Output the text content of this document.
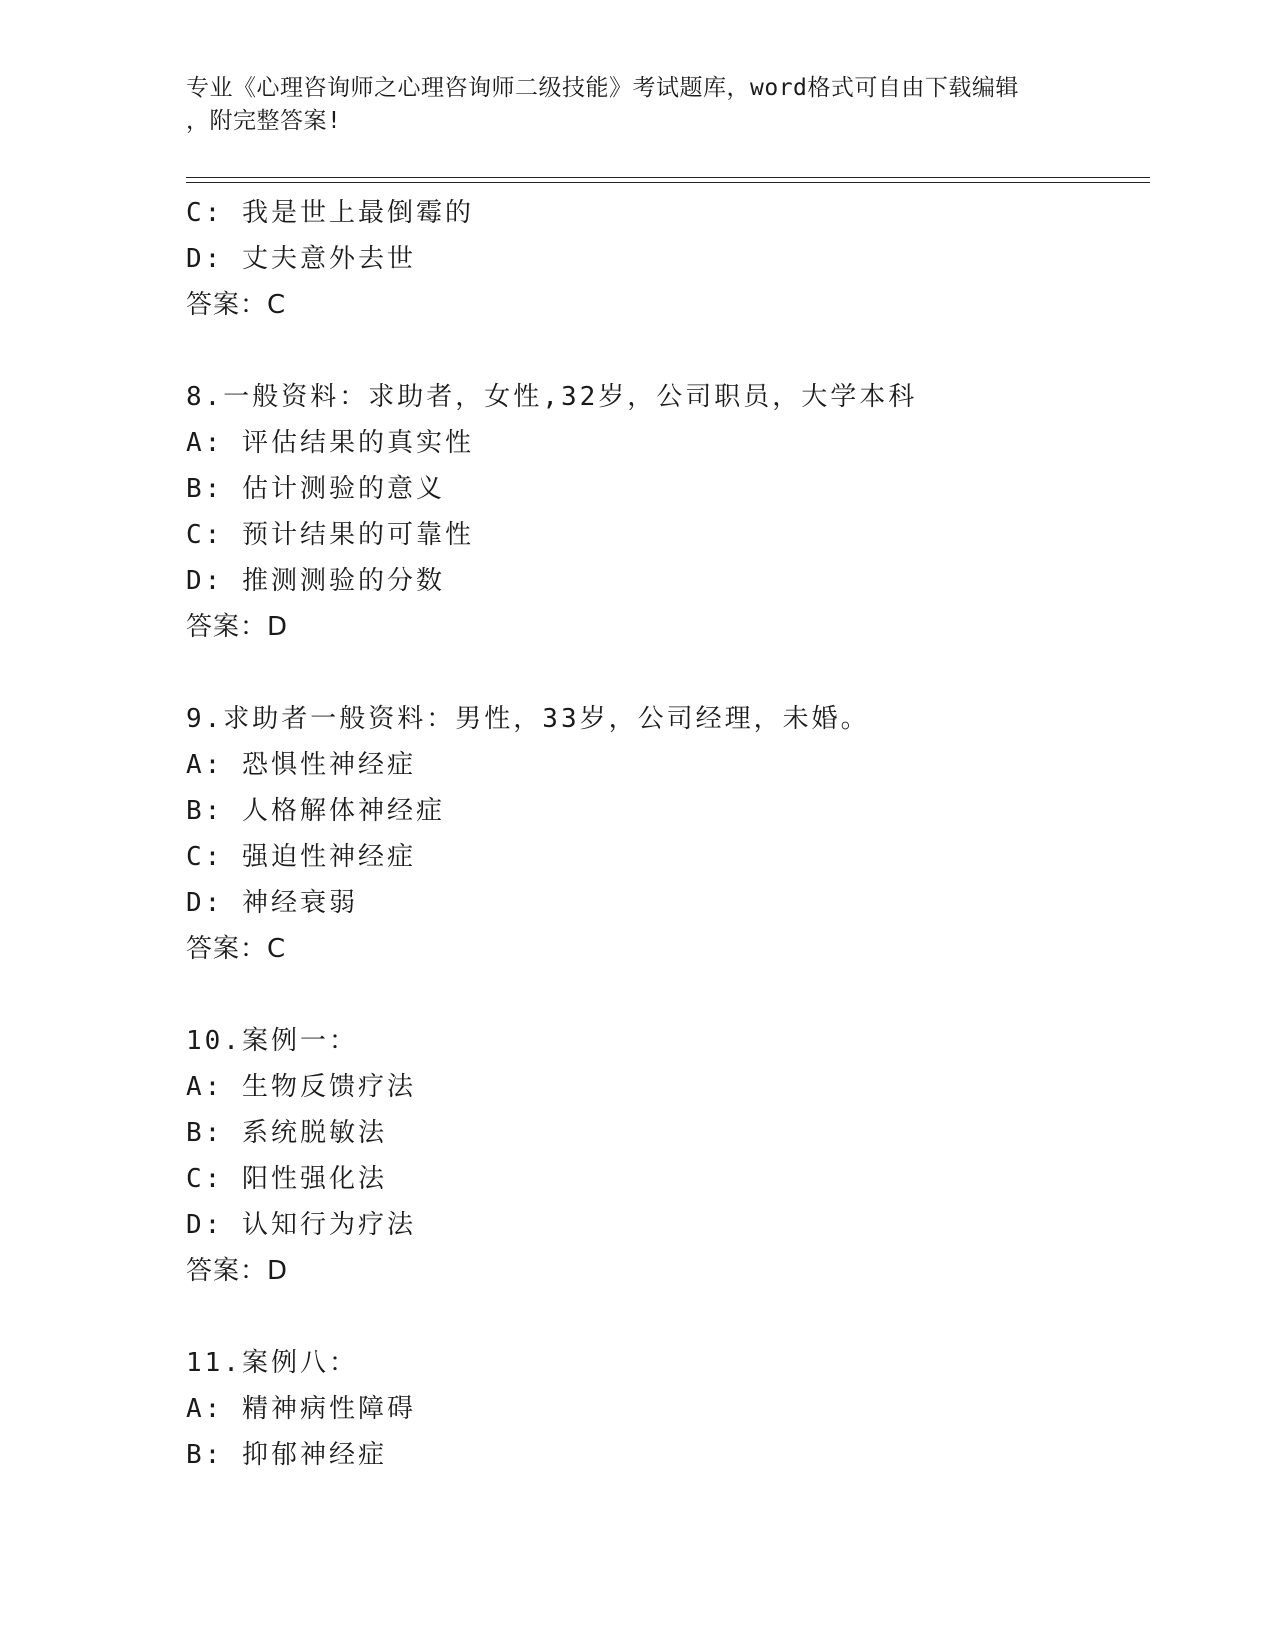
专业《心理咨询师之心理咨询师二级技能》考试题库，word格式可自由下载编辑
，附完整答案!
C: 我是世上最倒霉的
D: 丈夫意外去世
答案：C
8.一般资料：求助者，女性,32岁，公司职员，大学本科
A: 评估结果的真实性
B: 估计测验的意义
C: 预计结果的可靠性
D: 推测测验的分数
答案：D
9.求助者一般资料：男性，33岁，公司经理，未婚。
A: 恐惧性神经症
B: 人格解体神经症
C: 强迫性神经症
D: 神经衰弱
答案：C
10.案例一：
A: 生物反馈疗法
B: 系统脱敏法
C: 阳性强化法
D: 认知行为疗法
答案：D
11.案例八：
A: 精神病性障碍
B: 抑郁神经症
